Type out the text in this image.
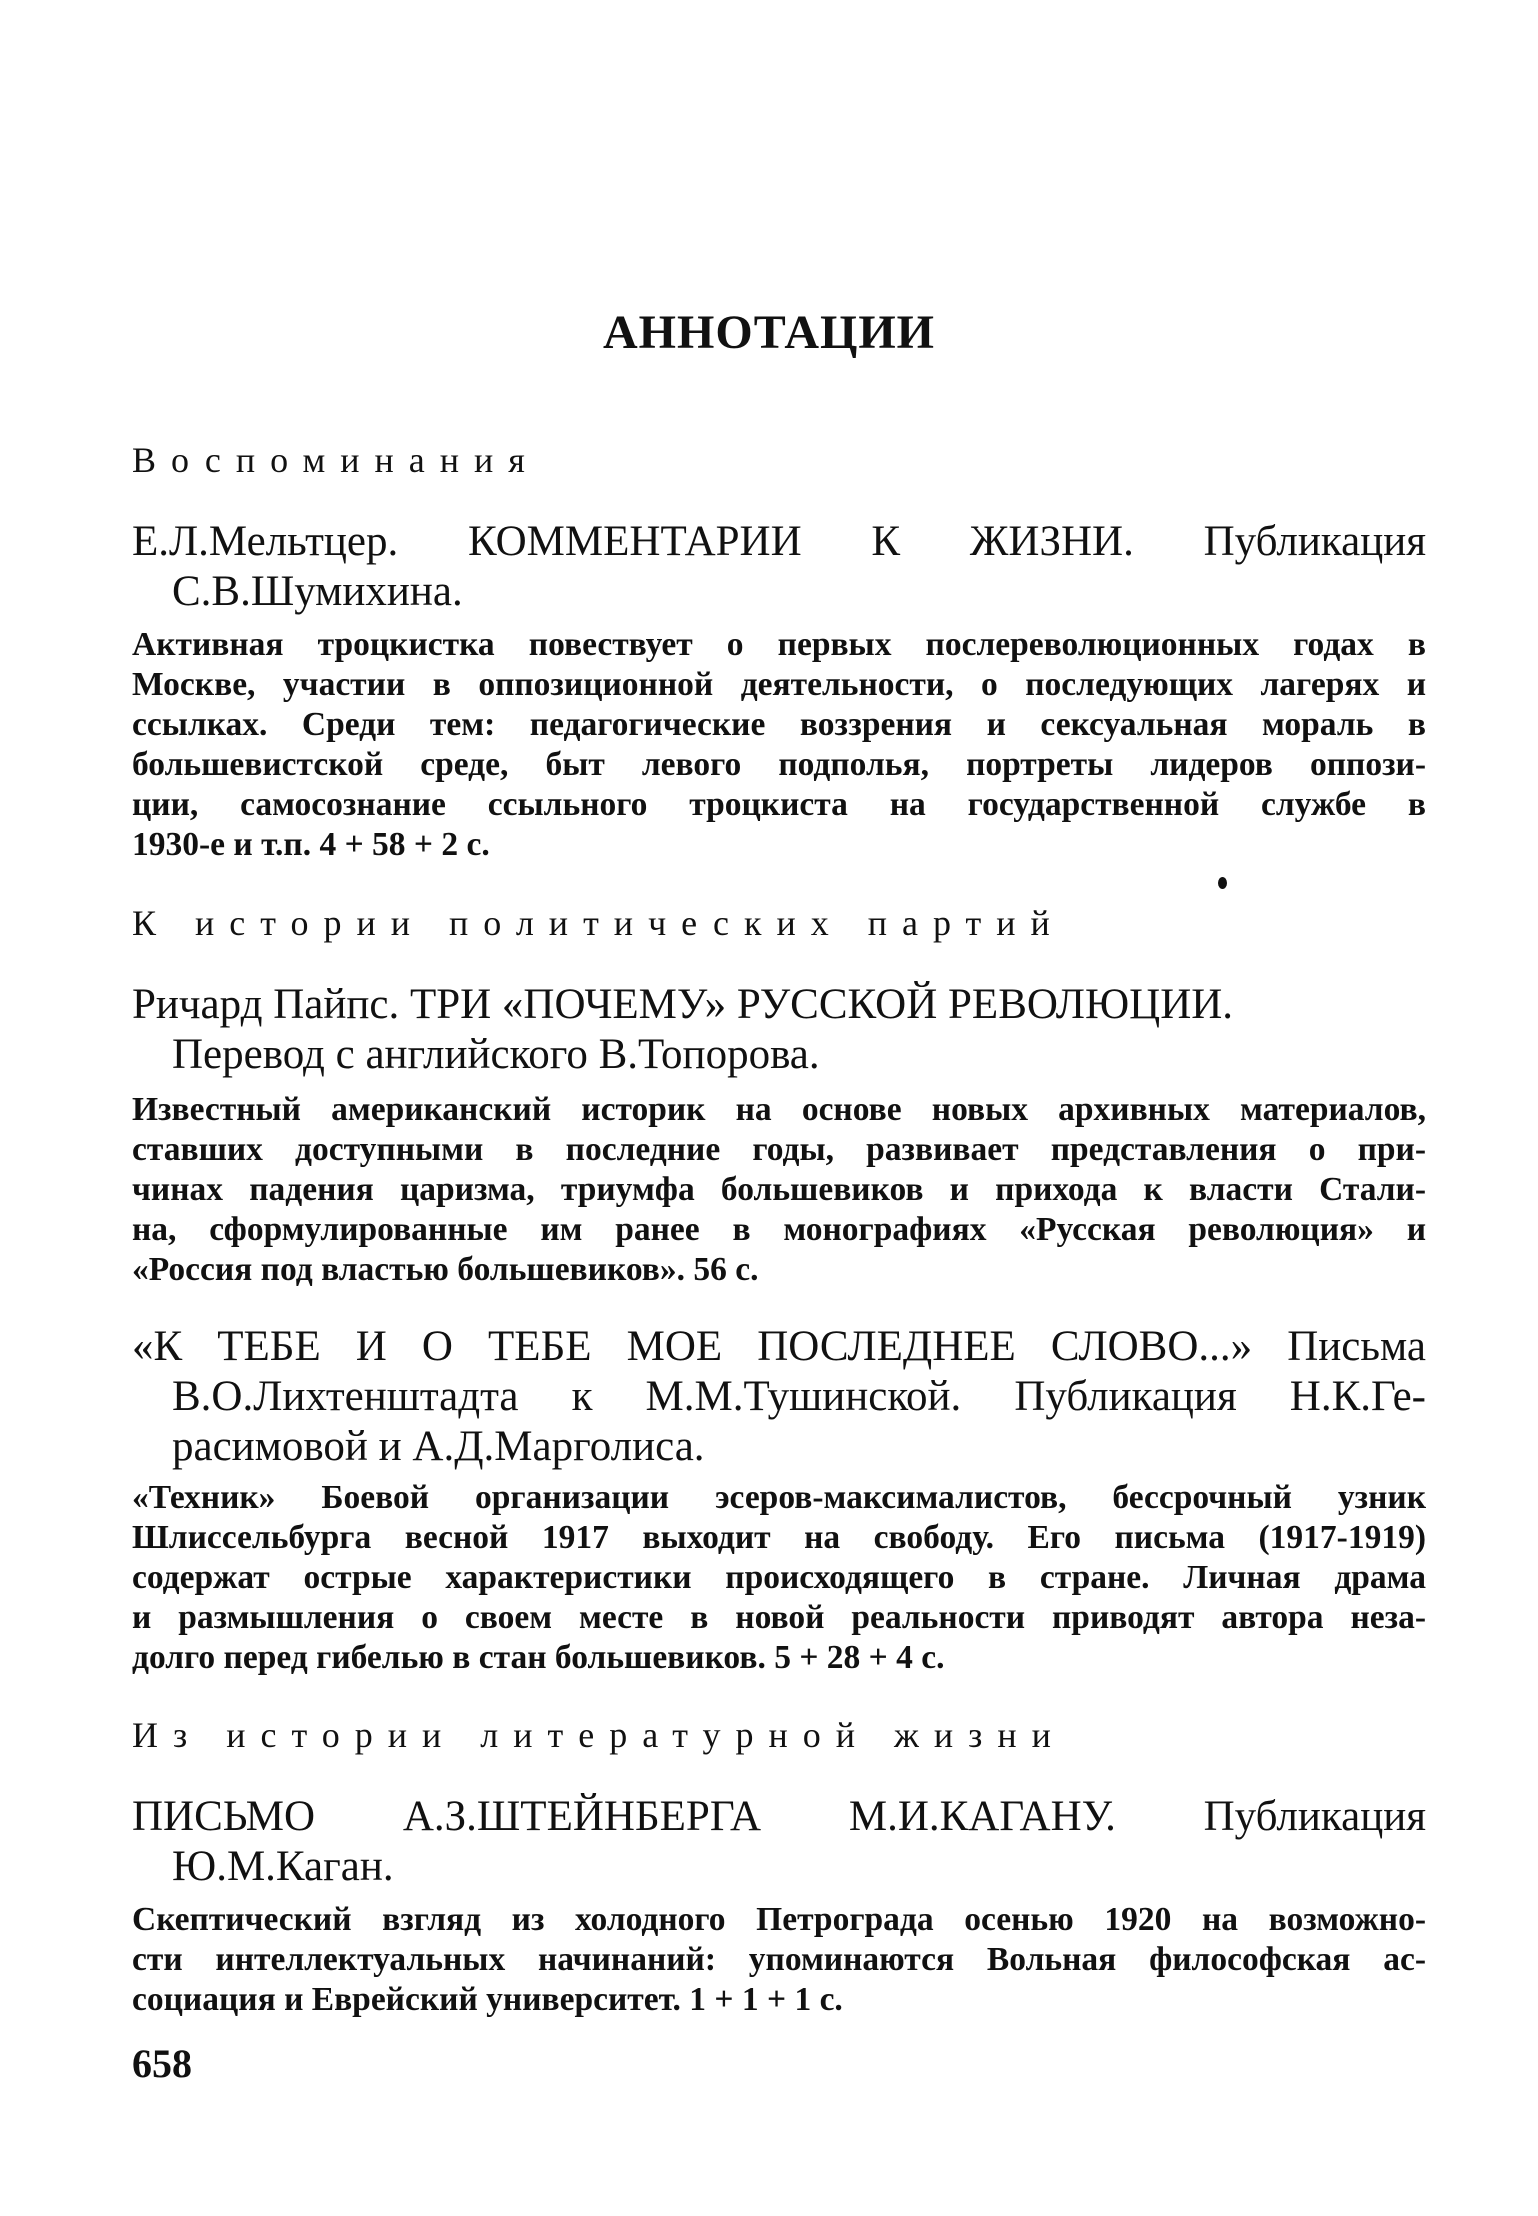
АННОТАЦИИ
Воспоминания
Е.Л.Мельтцер. КОММЕНТАРИИ К ЖИЗНИ. Публикация
С.В.Шумихина.
Активная троцкистка повествует о первых послереволюционных годах в
Москве, участии в оппозиционной деятельности, о последующих лагерях и
ссылках. Среди тем: педагогические воззрения и сексуальная мораль в
большевистской среде, быт левого подполья, портреты лидеров оппози-
ции, самосознание ссыльного троцкиста на государственной службе в
1930-е и т.п. 4 + 58 + 2 с.
К истории политических партий
Ричард Пайпс. ТРИ «ПОЧЕМУ» РУССКОЙ РЕВОЛЮЦИИ.
Перевод с английского В.Топорова.
Известный американский историк на основе новых архивных материалов,
ставших доступными в последние годы, развивает представления о при-
чинах падения царизма, триумфа большевиков и прихода к власти Стали-
на, сформулированные им ранее в монографиях «Русская революция» и
«Россия под властью большевиков». 56 с.
«К ТЕБЕ И О ТЕБЕ МОЕ ПОСЛЕДНЕЕ СЛОВО...» Письма
В.О.Лихтенштадта к М.М.Тушинской. Публикация Н.К.Ге-
расимовой и А.Д.Марголиса.
«Техник» Боевой организации эсеров-максималистов, бессрочный узник
Шлиссельбурга весной 1917 выходит на свободу. Его письма (1917-1919)
содержат острые характеристики происходящего в стране. Личная драма
и размышления о своем месте в новой реальности приводят автора неза-
долго перед гибелью в стан большевиков. 5 + 28 + 4 с.
Из истории литературной жизни
ПИСЬМО А.З.ШТЕЙНБЕРГА М.И.КАГАНУ. Публикация
Ю.М.Каган.
Скептический взгляд из холодного Петрограда осенью 1920 на возможно-
сти интеллектуальных начинаний: упоминаются Вольная философская ас-
социация и Еврейский университет. 1 + 1 + 1 с.
658
